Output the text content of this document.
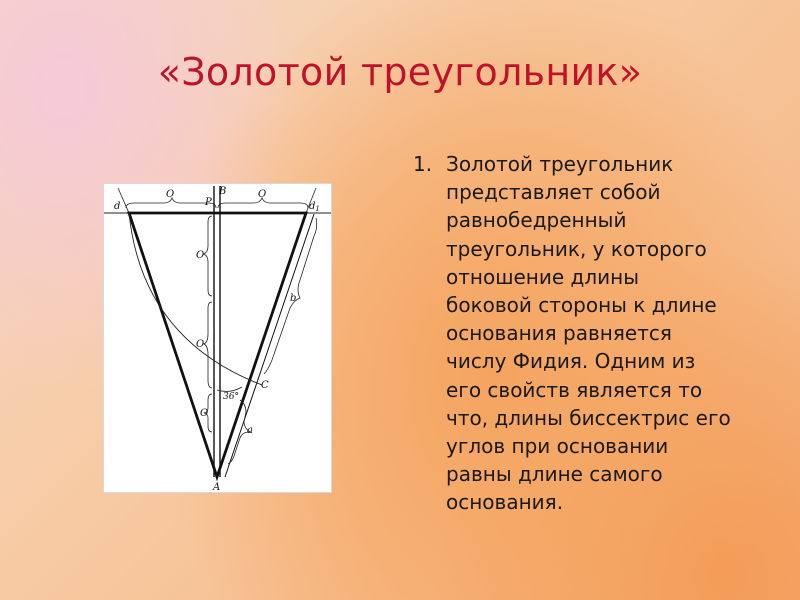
«Золотой треугольник»
O	O
B
P
d	$d_1$
O
O
O
b
C
36°
a
A
1. Золотой треугольник
представляет собой
равнобедренный
треугольник, у которого
отношение длины
боковой стороны к длине
основания равняется
числу Фидия. Одним из
его свойств является то
что, длины биссектрис его
углов при основании
равны длине самого
основания.
